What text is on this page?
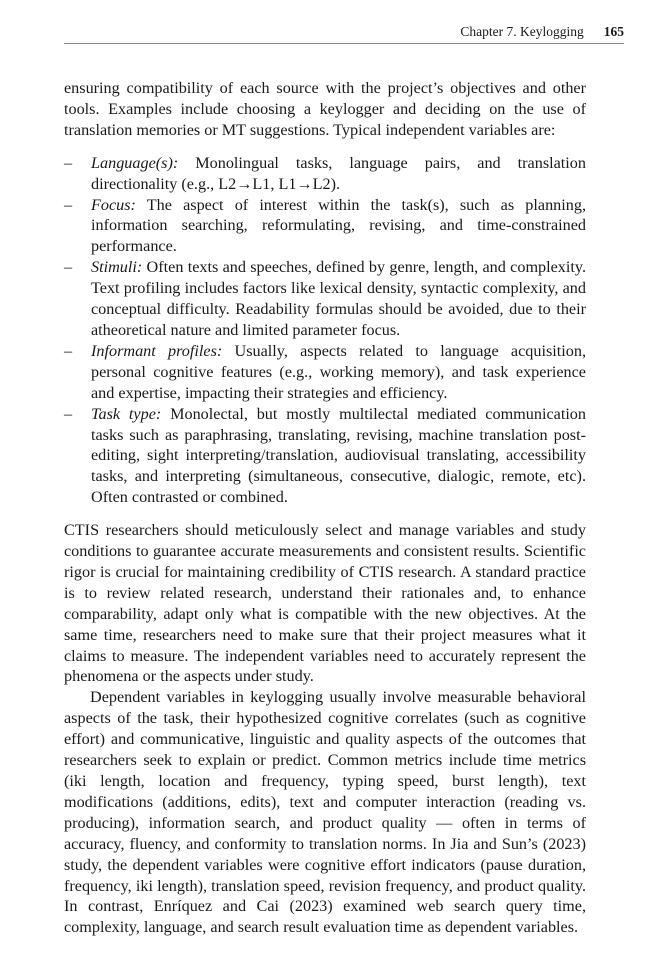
Chapter 7. Keylogging 165

ensuring compatibility of each source with the project’s objectives and other tools. Examples include choosing a keylogger and deciding on the use of translation memories or MT suggestions. Typical independent variables are:

– Language(s): Monolingual tasks, language pairs, and translation directionality (e.g., L2→L1, L1→L2).
– Focus: The aspect of interest within the task(s), such as planning, information searching, reformulating, revising, and time-constrained performance.
– Stimuli: Often texts and speeches, defined by genre, length, and complexity. Text profiling includes factors like lexical density, syntactic complexity, and conceptual difficulty. Readability formulas should be avoided, due to their atheoretical nature and limited parameter focus.
– Informant profiles: Usually, aspects related to language acquisition, personal cognitive features (e.g., working memory), and task experience and expertise, impacting their strategies and efficiency.
– Task type: Monolectal, but mostly multilectal mediated communication tasks such as paraphrasing, translating, revising, machine translation post-editing, sight interpreting/translation, audiovisual translating, accessibility tasks, and interpreting (simultaneous, consecutive, dialogic, remote, etc). Often contrasted or combined.

CTIS researchers should meticulously select and manage variables and study conditions to guarantee accurate measurements and consistent results. Scientific rigor is crucial for maintaining credibility of CTIS research. A standard practice is to review related research, understand their rationales and, to enhance comparability, adapt only what is compatible with the new objectives. At the same time, researchers need to make sure that their project measures what it claims to measure. The independent variables need to accurately represent the phenomena or the aspects under study.

Dependent variables in keylogging usually involve measurable behavioral aspects of the task, their hypothesized cognitive correlates (such as cognitive effort) and communicative, linguistic and quality aspects of the outcomes that researchers seek to explain or predict. Common metrics include time metrics (iki length, location and frequency, typing speed, burst length), text modifications (additions, edits), text and computer interaction (reading vs. producing), information search, and product quality — often in terms of accuracy, fluency, and conformity to translation norms. In Jia and Sun’s (2023) study, the dependent variables were cognitive effort indicators (pause duration, frequency, iki length), translation speed, revision frequency, and product quality. In contrast, Enríquez and Cai (2023) examined web search query time, complexity, language, and search result evaluation time as dependent variables.
